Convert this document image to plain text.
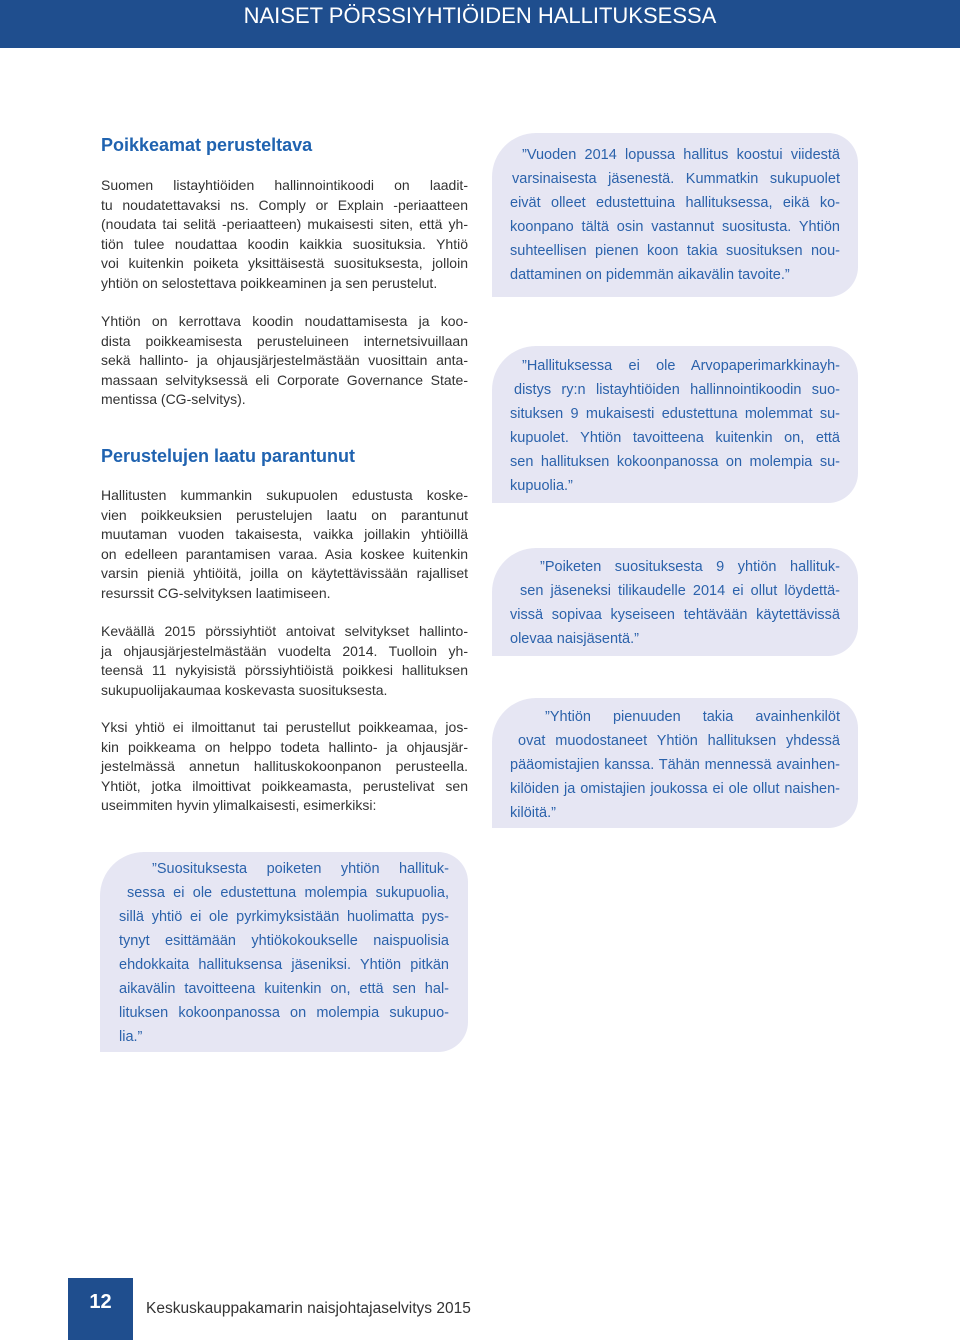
NAISET PÖRSSIYHTIÖIDEN HALLITUKSESSA
Poikkeamat perusteltava
Suomen listayhtiöiden hallinnointikoodi on laadit-
tu noudatettavaksi ns. Comply or Explain -periaatteen
(noudata tai selitä -periaatteen) mukaisesti siten, että yh-
tiön tulee noudattaa koodin kaikkia suosituksia. Yhtiö
voi kuitenkin poiketa yksittäisestä suosituksesta, jolloin
yhtiön on selostettava poikkeaminen ja sen perustelut.
Yhtiön on kerrottava koodin noudattamisesta ja koo-
dista poikkeamisesta perusteluineen internetsivuillaan
sekä hallinto- ja ohjausjärjestelmästään vuosittain anta-
massaan selvityksessä eli Corporate Governance State-
mentissa (CG-selvitys).
Perustelujen laatu parantunut
Hallitusten kummankin sukupuolen edustusta koske-
vien poikkeuksien perustelujen laatu on parantunut
muutaman vuoden takaisesta, vaikka joillakin yhtiöillä
on edelleen parantamisen varaa. Asia koskee kuitenkin
varsin pieniä yhtiöitä, joilla on käytettävissään rajalliset
resurssit CG-selvityksen laatimiseen.
Keväällä 2015 pörssiyhtiöt antoivat selvitykset hallinto-
ja ohjausjärjestelmästään vuodelta 2014. Tuolloin yh-
teensä 11 nykyisistä pörssiyhtiöistä poikkesi hallituksen
sukupuolijakaumaa koskevasta suosituksesta.
Yksi yhtiö ei ilmoittanut tai perustellut poikkeamaa, jos-
kin poikkeama on helppo todeta hallinto- ja ohjausjär-
jestelmässä annetun hallituskokoonpanon perusteella.
Yhtiöt, jotka ilmoittivat poikkeamasta, perustelivat sen
useimmiten hyvin ylimalkaisesti, esimerkiksi:
”Vuoden 2014 lopussa hallitus koostui viidestä
varsinaisesta jäsenestä. Kummatkin sukupuolet
eivät olleet edustettuina hallituksessa, eikä ko-
koonpano tältä osin vastannut suositusta. Yhtiön
suhteellisen pienen koon takia suosituksen nou-
dattaminen on pidemmän aikavälin tavoite.”
”Hallituksessa ei ole Arvopaperimarkkinayh-
distys ry:n listayhtiöiden hallinnointikoodin suo-
situksen 9 mukaisesti edustettuna molemmat su-
kupuolet. Yhtiön tavoitteena kuitenkin on, että
sen hallituksen kokoonpanossa on molempia su-
kupuolia.”
”Poiketen suosituksesta 9 yhtiön hallituk-
sen jäseneksi tilikaudelle 2014 ei ollut löydettä-
vissä sopivaa kyseiseen tehtävään käytettävissä
olevaa naisjäsentä.”
”Yhtiön pienuuden takia avainhenkilöt
ovat muodostaneet Yhtiön hallituksen yhdessä
pääomistajien kanssa. Tähän mennessä avainhen-
kilöiden ja omistajien joukossa ei ole ollut naishen-
kilöitä.”
”Suosituksesta poiketen yhtiön hallituk-
sessa ei ole edustettuna molempia sukupuolia,
sillä yhtiö ei ole pyrkimyksistään huolimatta pys-
tynyt esittämään yhtiökokoukselle naispuolisia
ehdokkaita hallituksensa jäseniksi. Yhtiön pitkän
aikavälin tavoitteena kuitenkin on, että sen hal-
lituksen kokoonpanossa on molempia sukupuo-
lia.”
12	Keskuskauppakamarin naisjohtajaselvitys 2015
